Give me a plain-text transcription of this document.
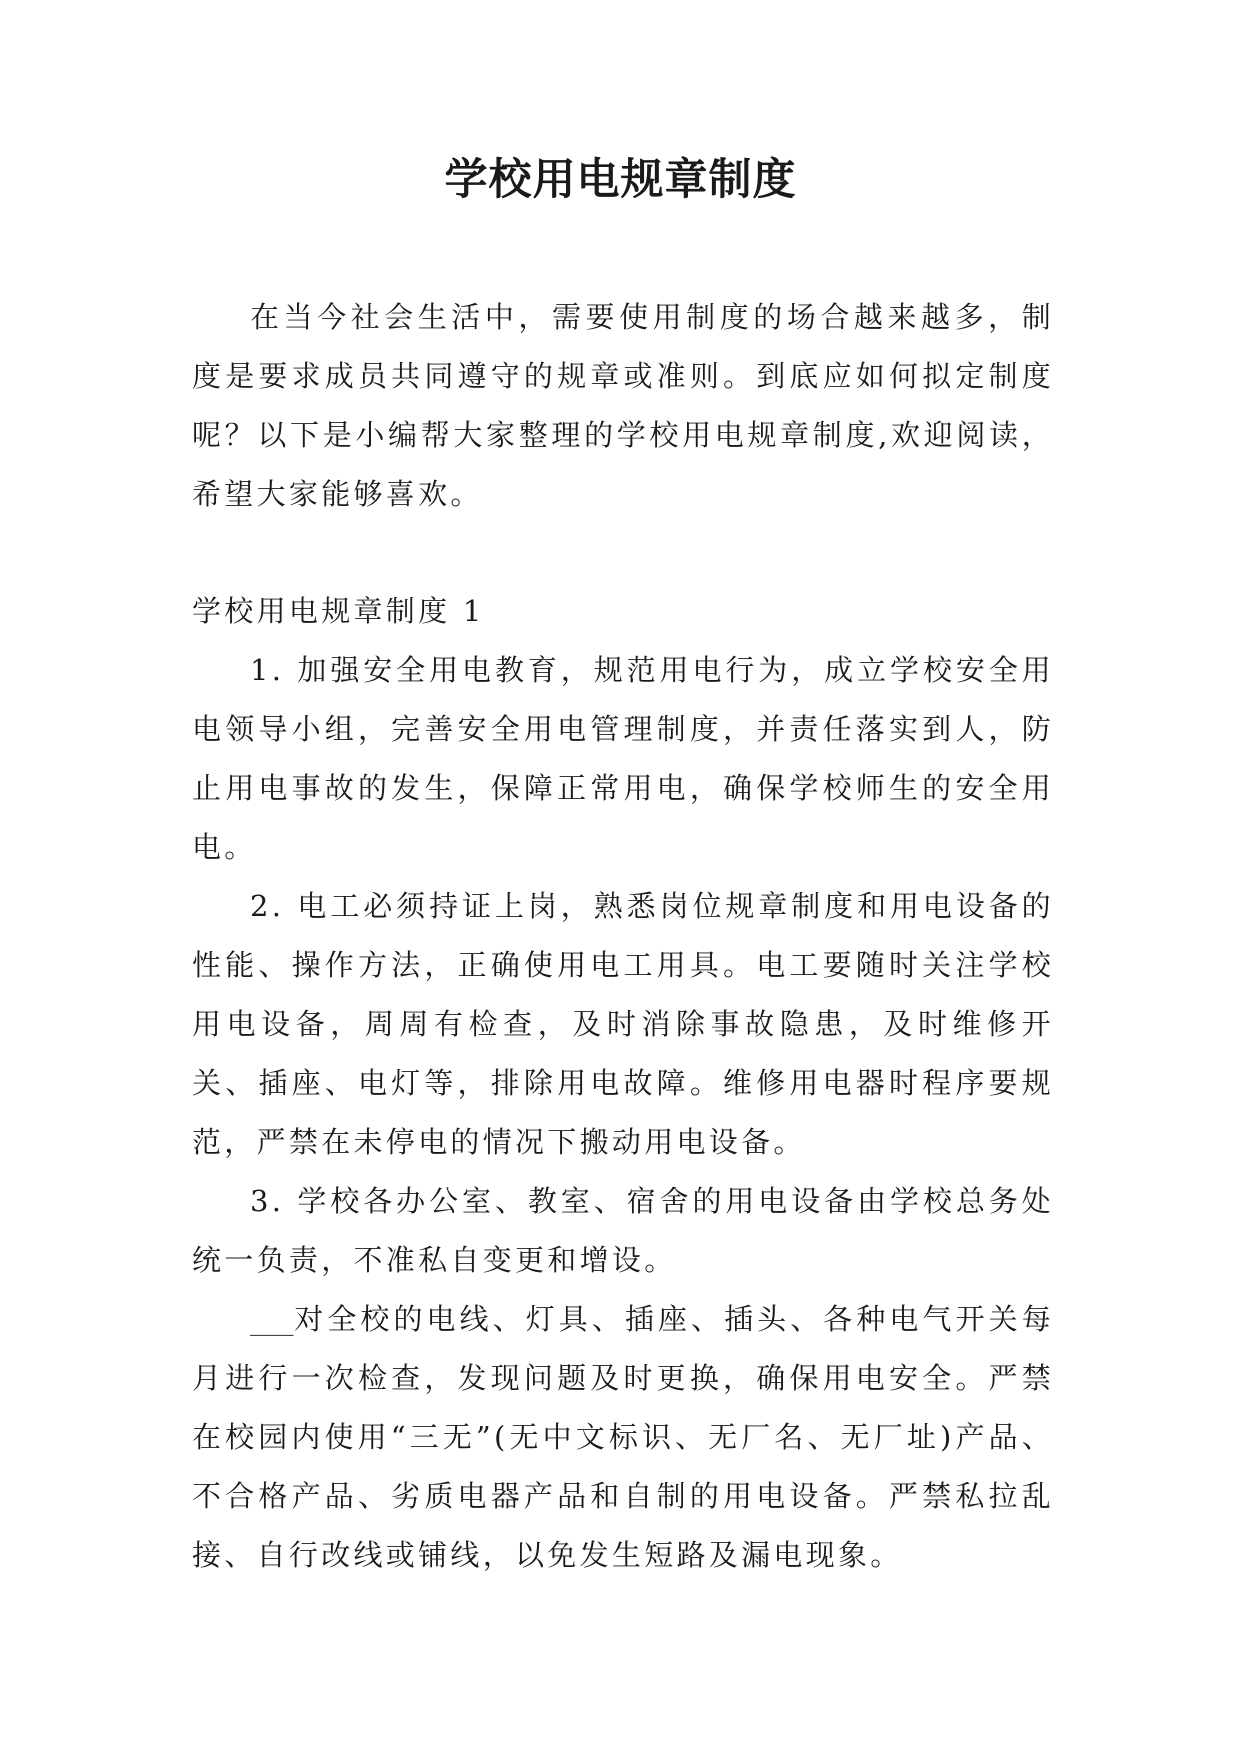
学校用电规章制度

在当今社会生活中，需要使用制度的场合越来越多，制度是要求成员共同遵守的规章或准则。到底应如何拟定制度呢？以下是小编帮大家整理的学校用电规章制度,欢迎阅读，希望大家能够喜欢。

学校用电规章制度 1

1. 加强安全用电教育，规范用电行为，成立学校安全用电领导小组，完善安全用电管理制度，并责任落实到人，防止用电事故的发生，保障正常用电，确保学校师生的安全用电。

2. 电工必须持证上岗，熟悉岗位规章制度和用电设备的性能、操作方法，正确使用电工用具。电工要随时关注学校用电设备，周周有检查，及时消除事故隐患，及时维修开关、插座、电灯等，排除用电故障。维修用电器时程序要规范，严禁在未停电的情况下搬动用电设备。

3. 学校各办公室、教室、宿舍的用电设备由学校总务处统一负责，不准私自变更和增设。

___对全校的电线、灯具、插座、插头、各种电气开关每月进行一次检查，发现问题及时更换，确保用电安全。严禁在校园内使用“三无”(无中文标识、无厂名、无厂址)产品、不合格产品、劣质电器产品和自制的用电设备。严禁私拉乱接、自行改线或铺线，以免发生短路及漏电现象。
